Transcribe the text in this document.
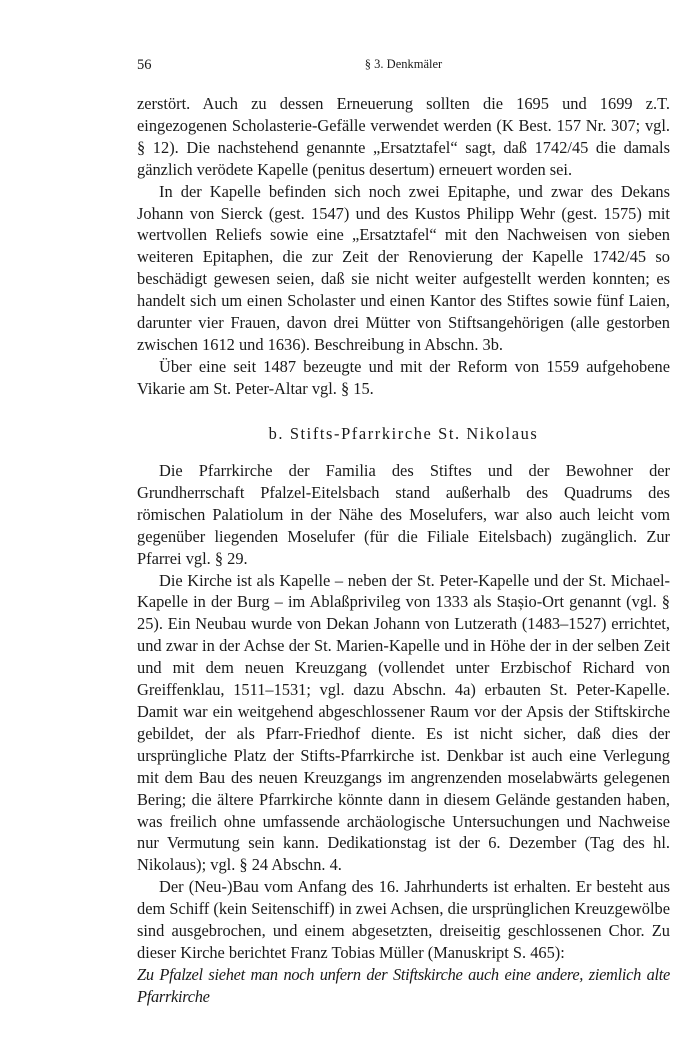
56	§ 3. Denkmäler

zerstört. Auch zu dessen Erneuerung sollten die 1695 und 1699 z.T. eingezogenen Scholasterie-Gefälle verwendet werden (K Best. 157 Nr. 307; vgl. § 12). Die nachstehend genannte „Ersatztafel“ sagt, daß 1742/45 die damals gänzlich verödete Kapelle (penitus desertum) erneuert worden sei.

In der Kapelle befinden sich noch zwei Epitaphe, und zwar des Dekans Johann von Sierck (gest. 1547) und des Kustos Philipp Wehr (gest. 1575) mit wertvollen Reliefs sowie eine „Ersatztafel“ mit den Nachweisen von sieben weiteren Epitaphen, die zur Zeit der Renovierung der Kapelle 1742/45 so beschädigt gewesen seien, daß sie nicht weiter aufgestellt werden konnten; es handelt sich um einen Scholaster und einen Kantor des Stiftes sowie fünf Laien, darunter vier Frauen, davon drei Mütter von Stiftsangehörigen (alle gestorben zwischen 1612 und 1636). Beschreibung in Abschn. 3b.

Über eine seit 1487 bezeugte und mit der Reform von 1559 aufgehobene Vikarie am St. Peter-Altar vgl. § 15.

b. Stifts-Pfarrkirche St. Nikolaus

Die Pfarrkirche der Familia des Stiftes und der Bewohner der Grundherrschaft Pfalzel-Eitelsbach stand außerhalb des Quadrums des römischen Palatiolum in der Nähe des Moselufers, war also auch leicht vom gegenüber liegenden Moselufer (für die Filiale Eitelsbach) zugänglich. Zur Pfarrei vgl. § 29.

Die Kirche ist als Kapelle – neben der St. Peter-Kapelle und der St. Michael-Kapelle in der Burg – im Ablaßprivileg von 1333 als Stașio-Ort genannt (vgl. § 25). Ein Neubau wurde von Dekan Johann von Lutzerath (1483–1527) errichtet, und zwar in der Achse der St. Marien-Kapelle und in Höhe der in der selben Zeit und mit dem neuen Kreuzgang (vollendet unter Erzbischof Richard von Greiffenklau, 1511–1531; vgl. dazu Abschn. 4a) erbauten St. Peter-Kapelle. Damit war ein weitgehend abgeschlossener Raum vor der Apsis der Stiftskirche gebildet, der als Pfarr-Friedhof diente. Es ist nicht sicher, daß dies der ursprüngliche Platz der Stifts-Pfarrkirche ist. Denkbar ist auch eine Verlegung mit dem Bau des neuen Kreuzgangs im angrenzenden moselabwärts gelegenen Bering; die ältere Pfarrkirche könnte dann in diesem Gelände gestanden haben, was freilich ohne umfassende archäologische Untersuchungen und Nachweise nur Vermutung sein kann. Dedikationstag ist der 6. Dezember (Tag des hl. Nikolaus); vgl. § 24 Abschn. 4.

Der (Neu-)Bau vom Anfang des 16. Jahrhunderts ist erhalten. Er besteht aus dem Schiff (kein Seitenschiff) in zwei Achsen, die ursprünglichen Kreuzgewölbe sind ausgebrochen, und einem abgesetzten, dreiseitig geschlossenen Chor. Zu dieser Kirche berichtet Franz Tobias Müller (Manuskript S. 465):

Zu Pfalzel siehet man noch unfern der Stiftskirche auch eine andere, ziemlich alte Pfarrkirche
